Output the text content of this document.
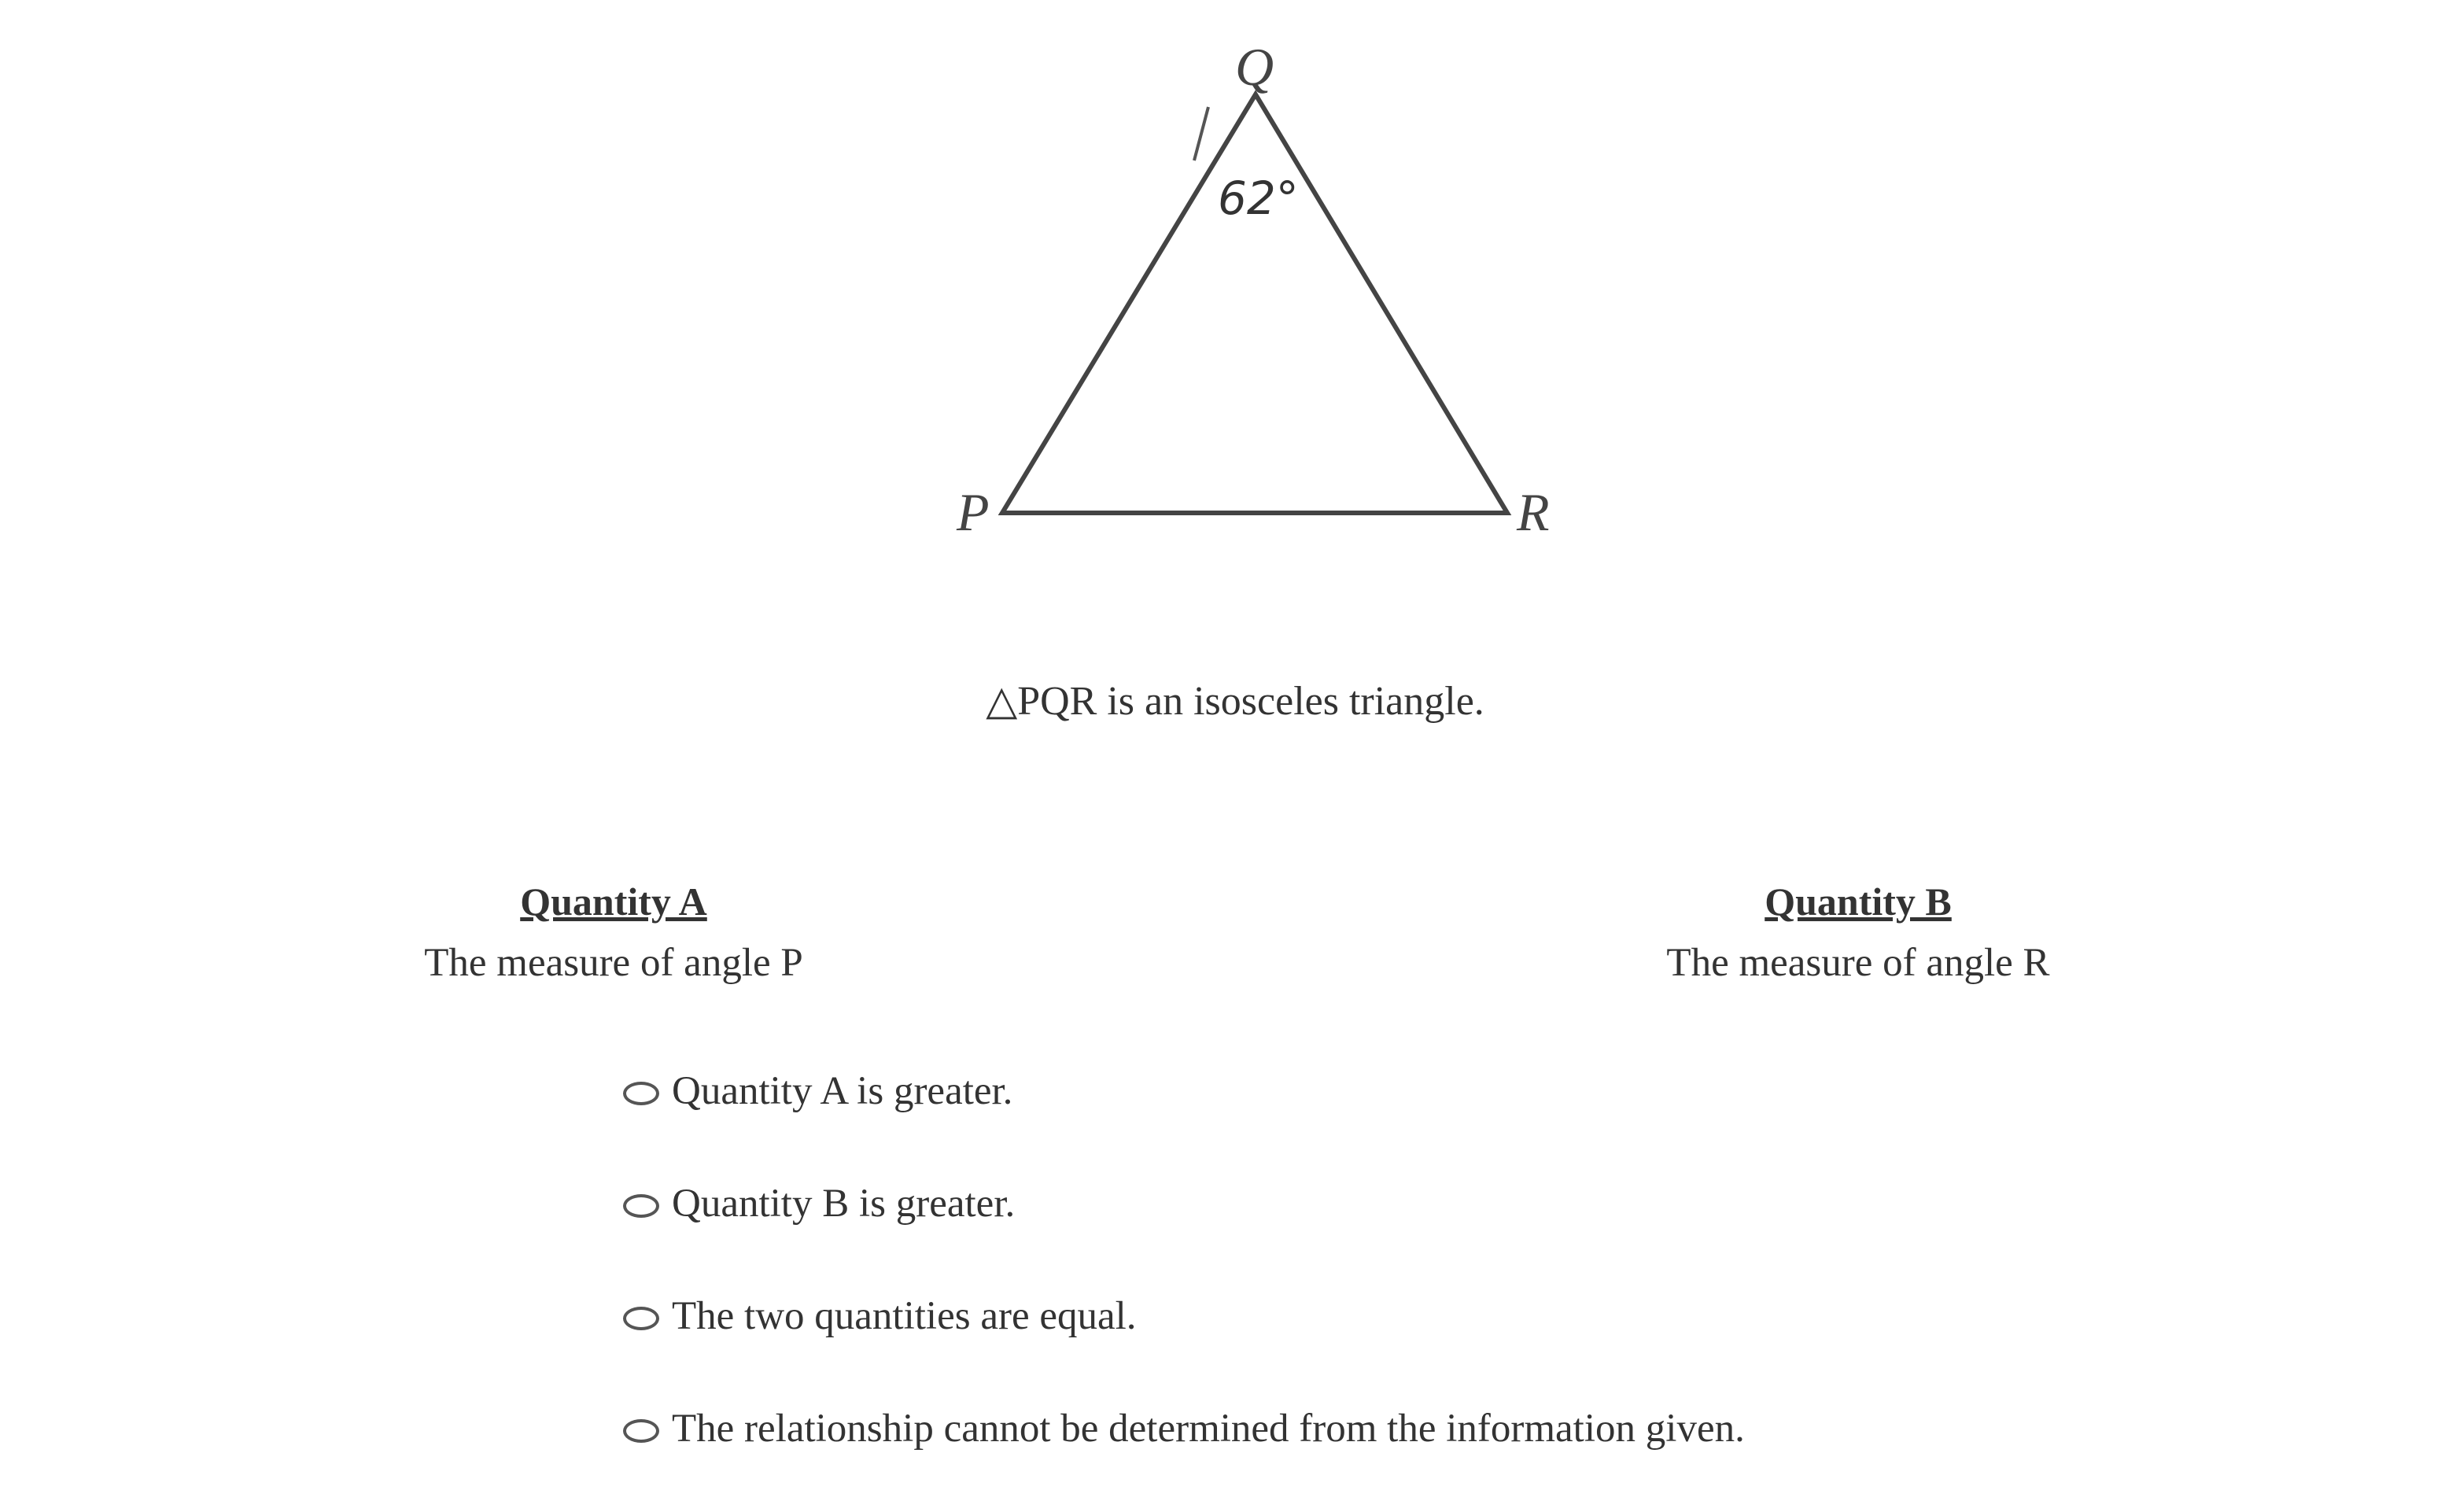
Q
P	R
62°
△PQR is an isosceles triangle.
Quantity A
The measure of angle P
Quantity B
The measure of angle R
Quantity A is greater.
Quantity B is greater.
The two quantities are equal.
The relationship cannot be determined from the information given.
